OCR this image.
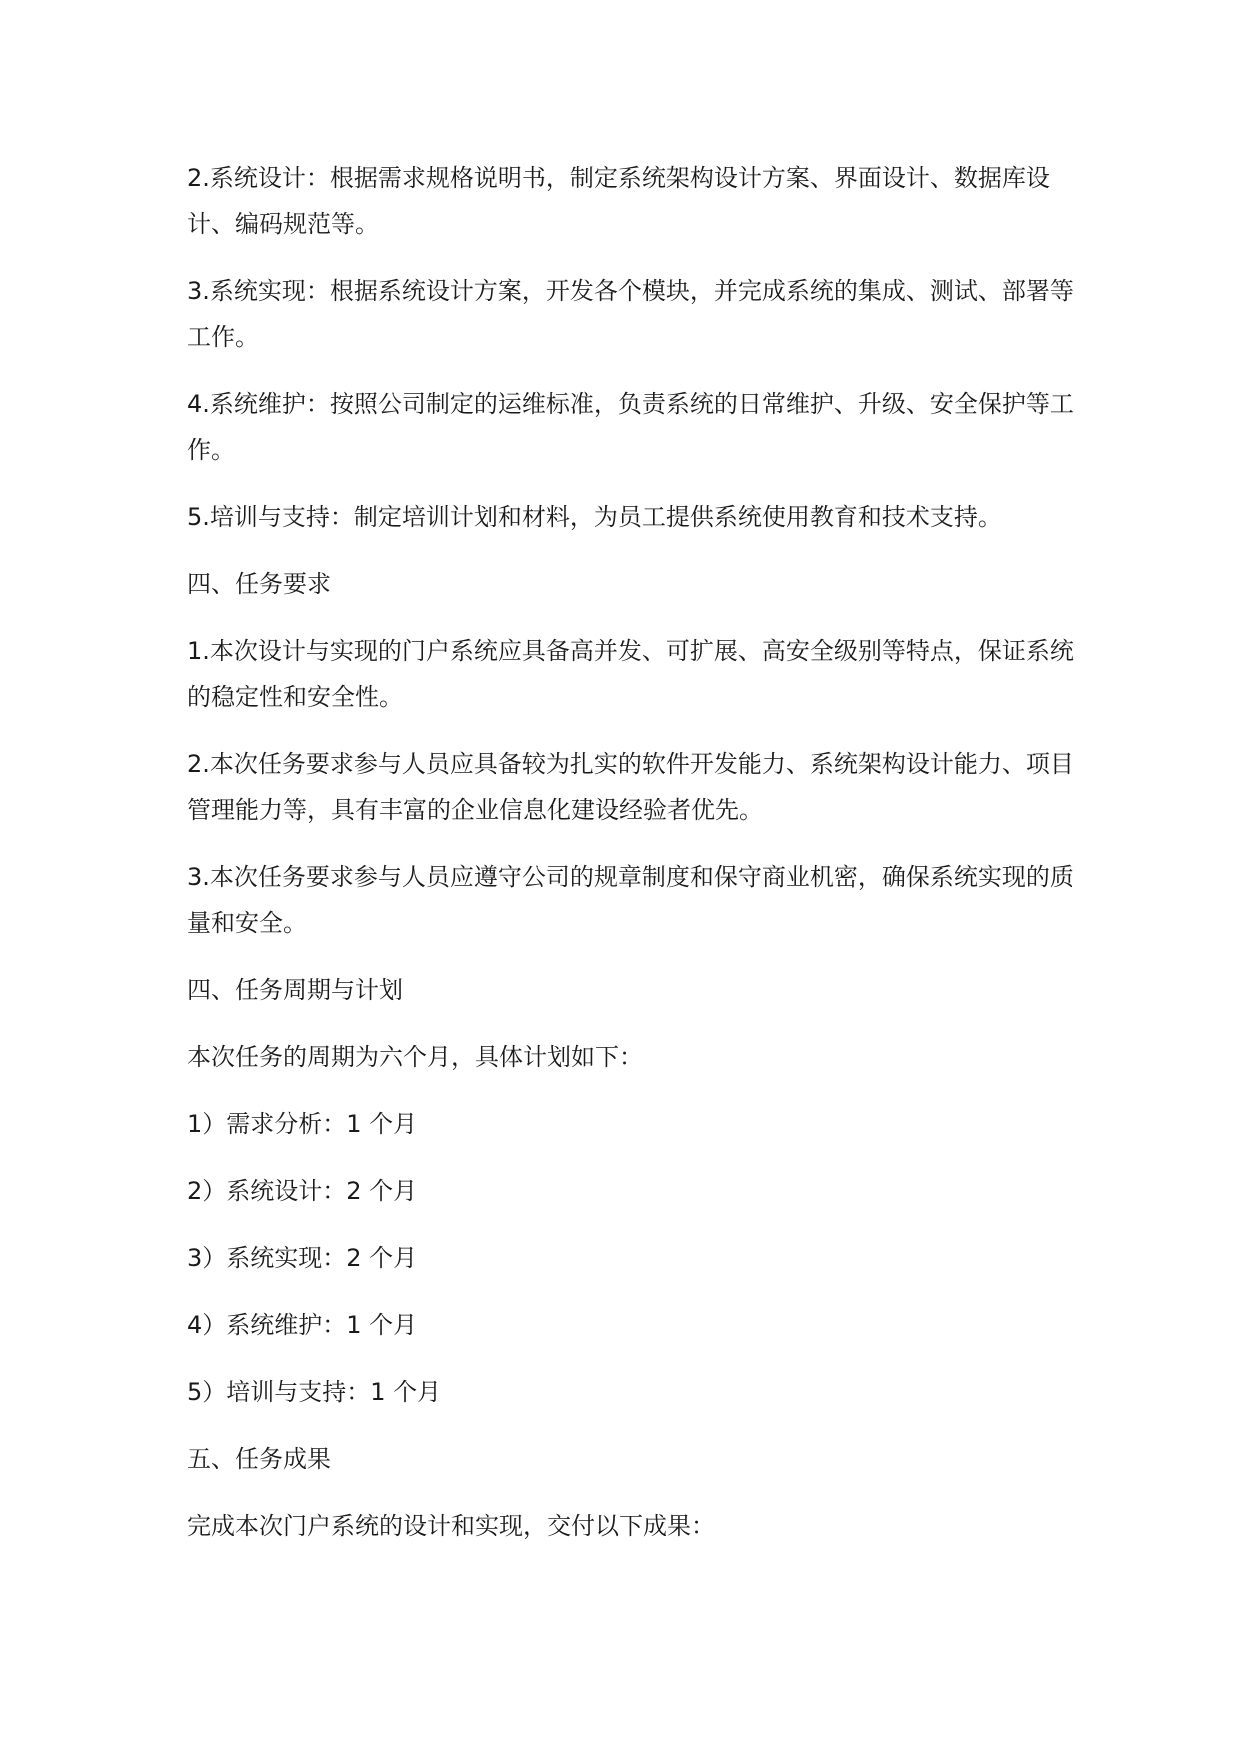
2.系统设计：根据需求规格说明书，制定系统架构设计方案、界面设计、数据库设计、编码规范等。

3.系统实现：根据系统设计方案，开发各个模块，并完成系统的集成、测试、部署等工作。

4.系统维护：按照公司制定的运维标准，负责系统的日常维护、升级、安全保护等工作。

5.培训与支持：制定培训计划和材料，为员工提供系统使用教育和技术支持。

四、任务要求

1.本次设计与实现的门户系统应具备高并发、可扩展、高安全级别等特点，保证系统的稳定性和安全性。

2.本次任务要求参与人员应具备较为扎实的软件开发能力、系统架构设计能力、项目管理能力等，具有丰富的企业信息化建设经验者优先。

3.本次任务要求参与人员应遵守公司的规章制度和保守商业机密，确保系统实现的质量和安全。

四、任务周期与计划

本次任务的周期为六个月，具体计划如下：

1）需求分析：1 个月

2）系统设计：2 个月

3）系统实现：2 个月

4）系统维护：1 个月

5）培训与支持：1 个月

五、任务成果

完成本次门户系统的设计和实现，交付以下成果：
